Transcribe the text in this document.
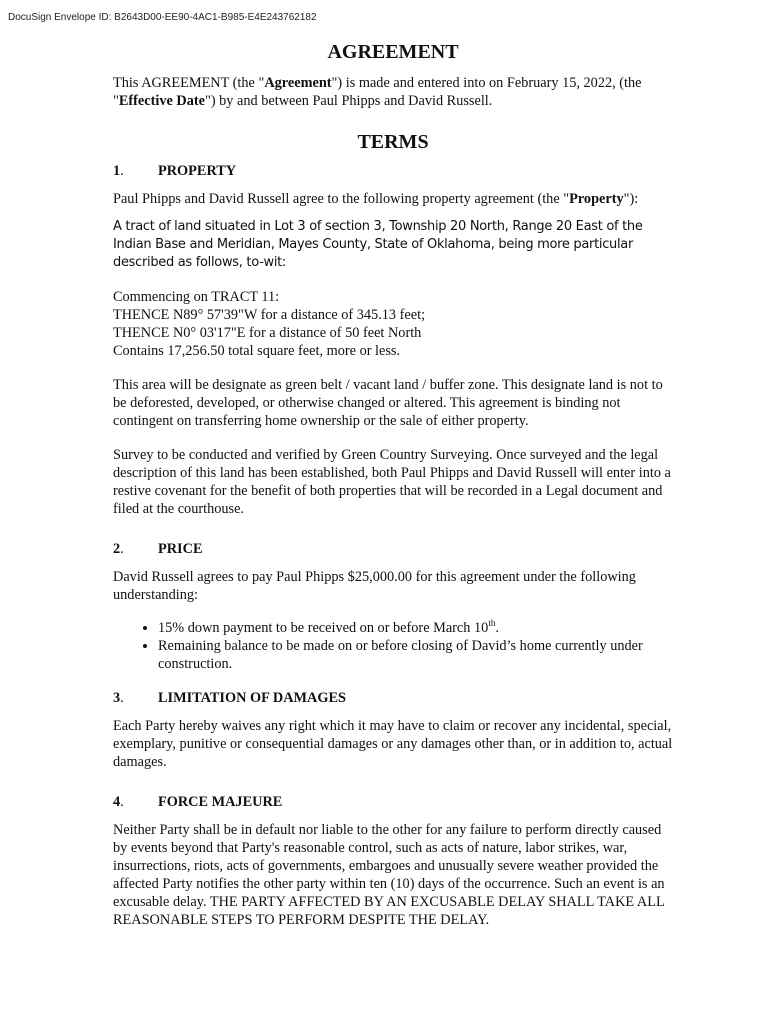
DocuSign Envelope ID: B2643D00-EE90-4AC1-B985-E4E243762182
AGREEMENT

This AGREEMENT (the "Agreement") is made and entered into on February 15, 2022, (the "Effective Date") by and between Paul Phipps and David Russell.

TERMS
1.	PROPERTY

Paul Phipps and David Russell agree to the following property agreement (the "Property"):

A tract of land situated in Lot 3 of section 3, Township 20 North, Range 20 East of the Indian Base and Meridian, Mayes County, State of Oklahoma, being more particular described as follows, to-wit:

Commencing on TRACT 11:
THENCE N89° 57'39"W for a distance of 345.13 feet;
THENCE N0° 03'17"E for a distance of 50 feet North
Contains 17,256.50 total square feet, more or less.

This area will be designate as green belt / vacant land / buffer zone. This designate land is not to be deforested, developed, or otherwise changed or altered. This agreement is binding not contingent on transferring home ownership or the sale of either property.

Survey to be conducted and verified by Green Country Surveying. Once surveyed and the legal description of this land has been established, both Paul Phipps and David Russell will enter into a restive covenant for the benefit of both properties that will be recorded in a Legal document and filed at the courthouse.

2.	PRICE

David Russell agrees to pay Paul Phipps $25,000.00 for this agreement under the following understanding:

• 15% down payment to be received on or before March 10th.
• Remaining balance to be made on or before closing of David’s home currently under construction.
3.	LIMITATION OF DAMAGES

Each Party hereby waives any right which it may have to claim or recover any incidental, special, exemplary, punitive or consequential damages or any damages other than, or in addition to, actual damages.

4.	FORCE MAJEURE

Neither Party shall be in default nor liable to the other for any failure to perform directly caused by events beyond that Party's reasonable control, such as acts of nature, labor strikes, war, insurrections, riots, acts of governments, embargoes and unusually severe weather provided the affected Party notifies the other party within ten (10) days of the occurrence. Such an event is an excusable delay. THE PARTY AFFECTED BY AN EXCUSABLE DELAY SHALL TAKE ALL REASONABLE STEPS TO PERFORM DESPITE THE DELAY.
